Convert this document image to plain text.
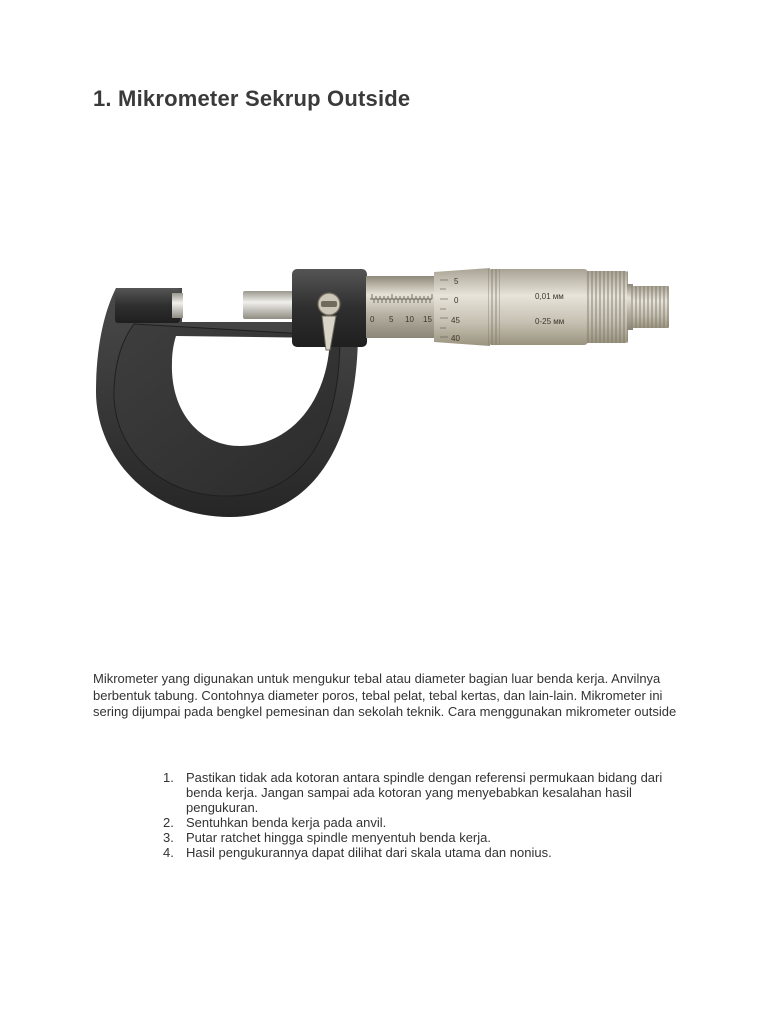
1. Mikrometer Sekrup Outside
0 5 10 15
5
0
45
40
0,01 мм
0-25 мм

Mikrometer yang digunakan untuk mengukur tebal atau diameter bagian luar benda kerja. Anvilnya berbentuk tabung. Contohnya diameter poros, tebal pelat, tebal kertas, dan lain-lain. Mikrometer ini sering dijumpai pada bengkel pemesinan dan sekolah teknik. Cara menggunakan mikrometer outside

1. Pastikan tidak ada kotoran antara spindle dengan referensi permukaan bidang dari benda kerja. Jangan sampai ada kotoran yang menyebabkan kesalahan hasil pengukuran.
2. Sentuhkan benda kerja pada anvil.
3. Putar ratchet hingga spindle menyentuh benda kerja.
4. Hasil pengukurannya dapat dilihat dari skala utama dan nonius.
